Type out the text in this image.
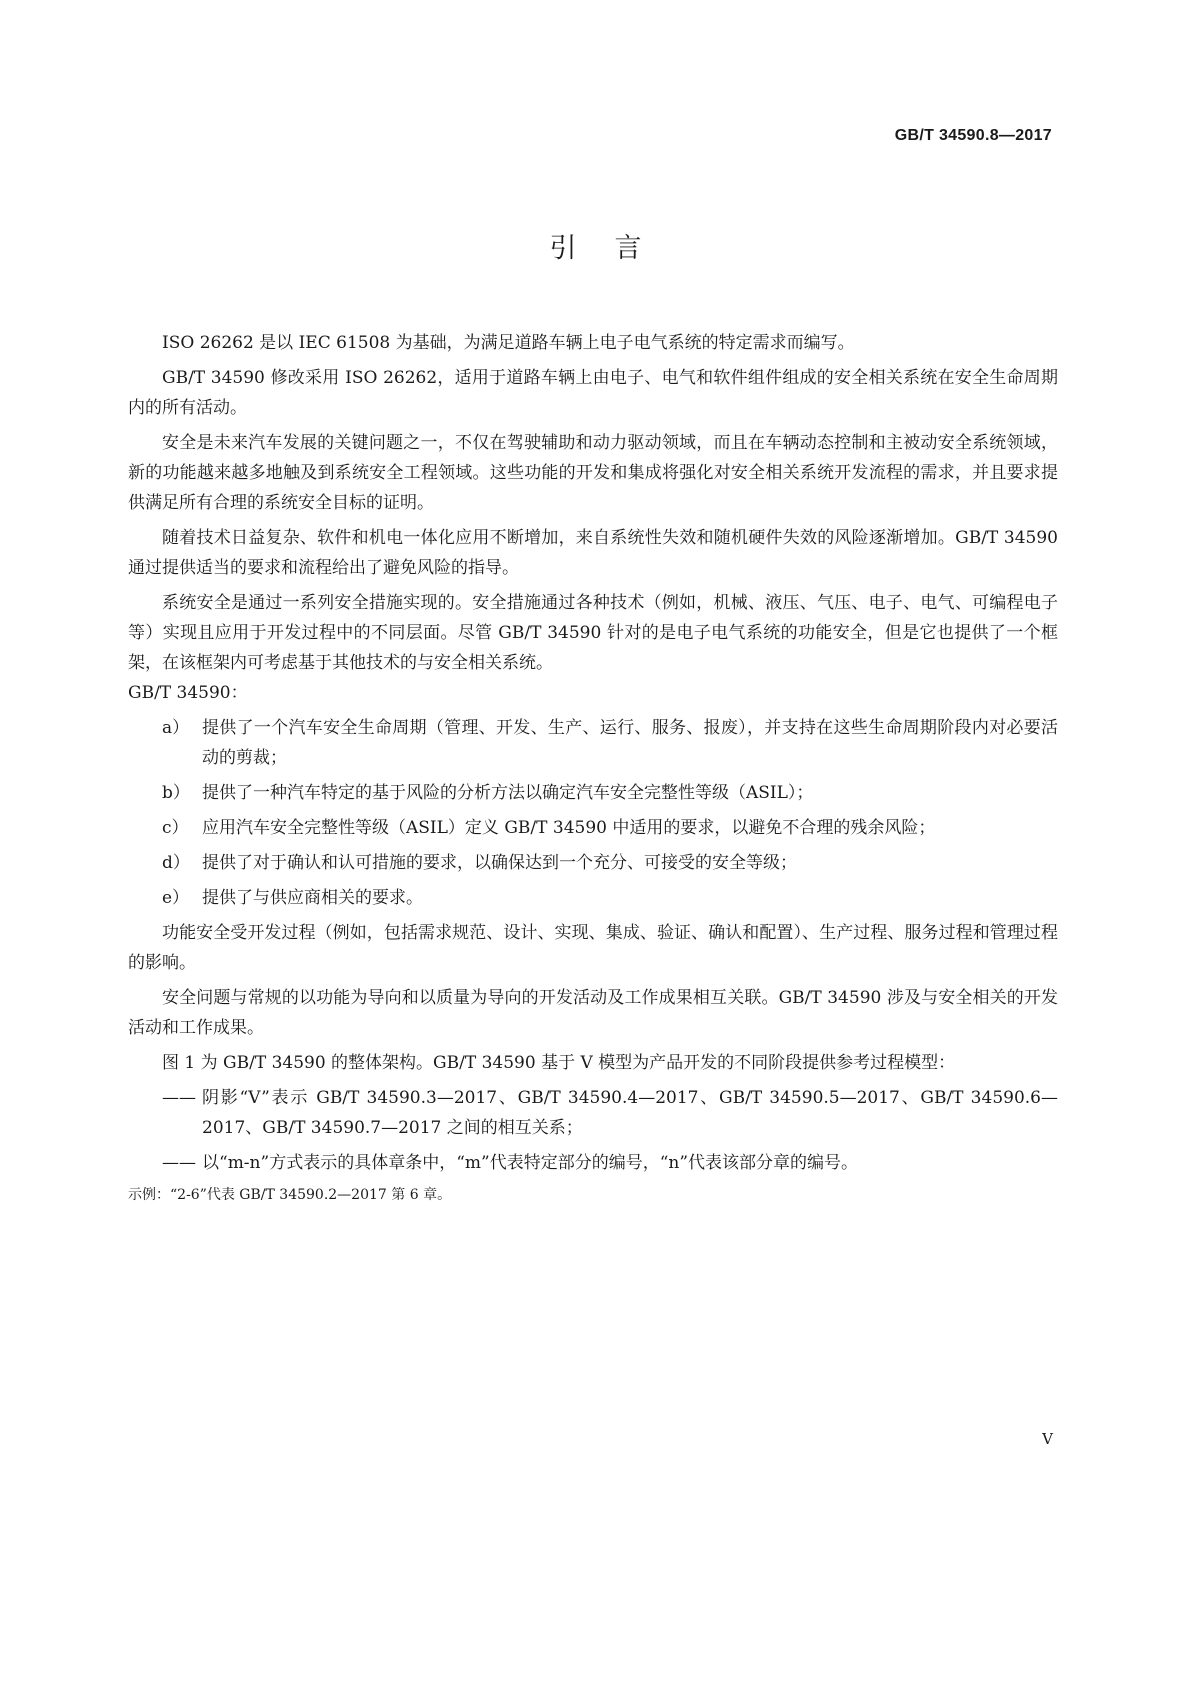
GB/T 34590.8—2017
引言

ISO 26262 是以 IEC 61508 为基础，为满足道路车辆上电子电气系统的特定需求而编写。

GB/T 34590 修改采用 ISO 26262，适用于道路车辆上由电子、电气和软件组件组成的安全相关系统在安全生命周期内的所有活动。

安全是未来汽车发展的关键问题之一，不仅在驾驶辅助和动力驱动领域，而且在车辆动态控制和主被动安全系统领域，新的功能越来越多地触及到系统安全工程领域。这些功能的开发和集成将强化对安全相关系统开发流程的需求，并且要求提供满足所有合理的系统安全目标的证明。

随着技术日益复杂、软件和机电一体化应用不断增加，来自系统性失效和随机硬件失效的风险逐渐增加。GB/T 34590 通过提供适当的要求和流程给出了避免风险的指导。

系统安全是通过一系列安全措施实现的。安全措施通过各种技术（例如，机械、液压、气压、电子、电气、可编程电子等）实现且应用于开发过程中的不同层面。尽管 GB/T 34590 针对的是电子电气系统的功能安全，但是它也提供了一个框架，在该框架内可考虑基于其他技术的与安全相关系统。

GB/T 34590：

a） 提供了一个汽车安全生命周期（管理、开发、生产、运行、服务、报废），并支持在这些生命周期阶段内对必要活动的剪裁；
b） 提供了一种汽车特定的基于风险的分析方法以确定汽车安全完整性等级（ASIL）；
c） 应用汽车安全完整性等级（ASIL）定义 GB/T 34590 中适用的要求，以避免不合理的残余风险；
d） 提供了对于确认和认可措施的要求，以确保达到一个充分、可接受的安全等级；
e） 提供了与供应商相关的要求。

功能安全受开发过程（例如，包括需求规范、设计、实现、集成、验证、确认和配置）、生产过程、服务过程和管理过程的影响。

安全问题与常规的以功能为导向和以质量为导向的开发活动及工作成果相互关联。GB/T 34590 涉及与安全相关的开发活动和工作成果。

图 1 为 GB/T 34590 的整体架构。GB/T 34590 基于 V 模型为产品开发的不同阶段提供参考过程模型：

—— 阴影“V”表示 GB/T 34590.3—2017、GB/T 34590.4—2017、GB/T 34590.5—2017、GB/T 34590.6—2017、GB/T 34590.7—2017 之间的相互关系；
—— 以“m-n”方式表示的具体章条中，“m”代表特定部分的编号，“n”代表该部分章的编号。
示例：“2-6”代表 GB/T 34590.2—2017 第 6 章。
V
